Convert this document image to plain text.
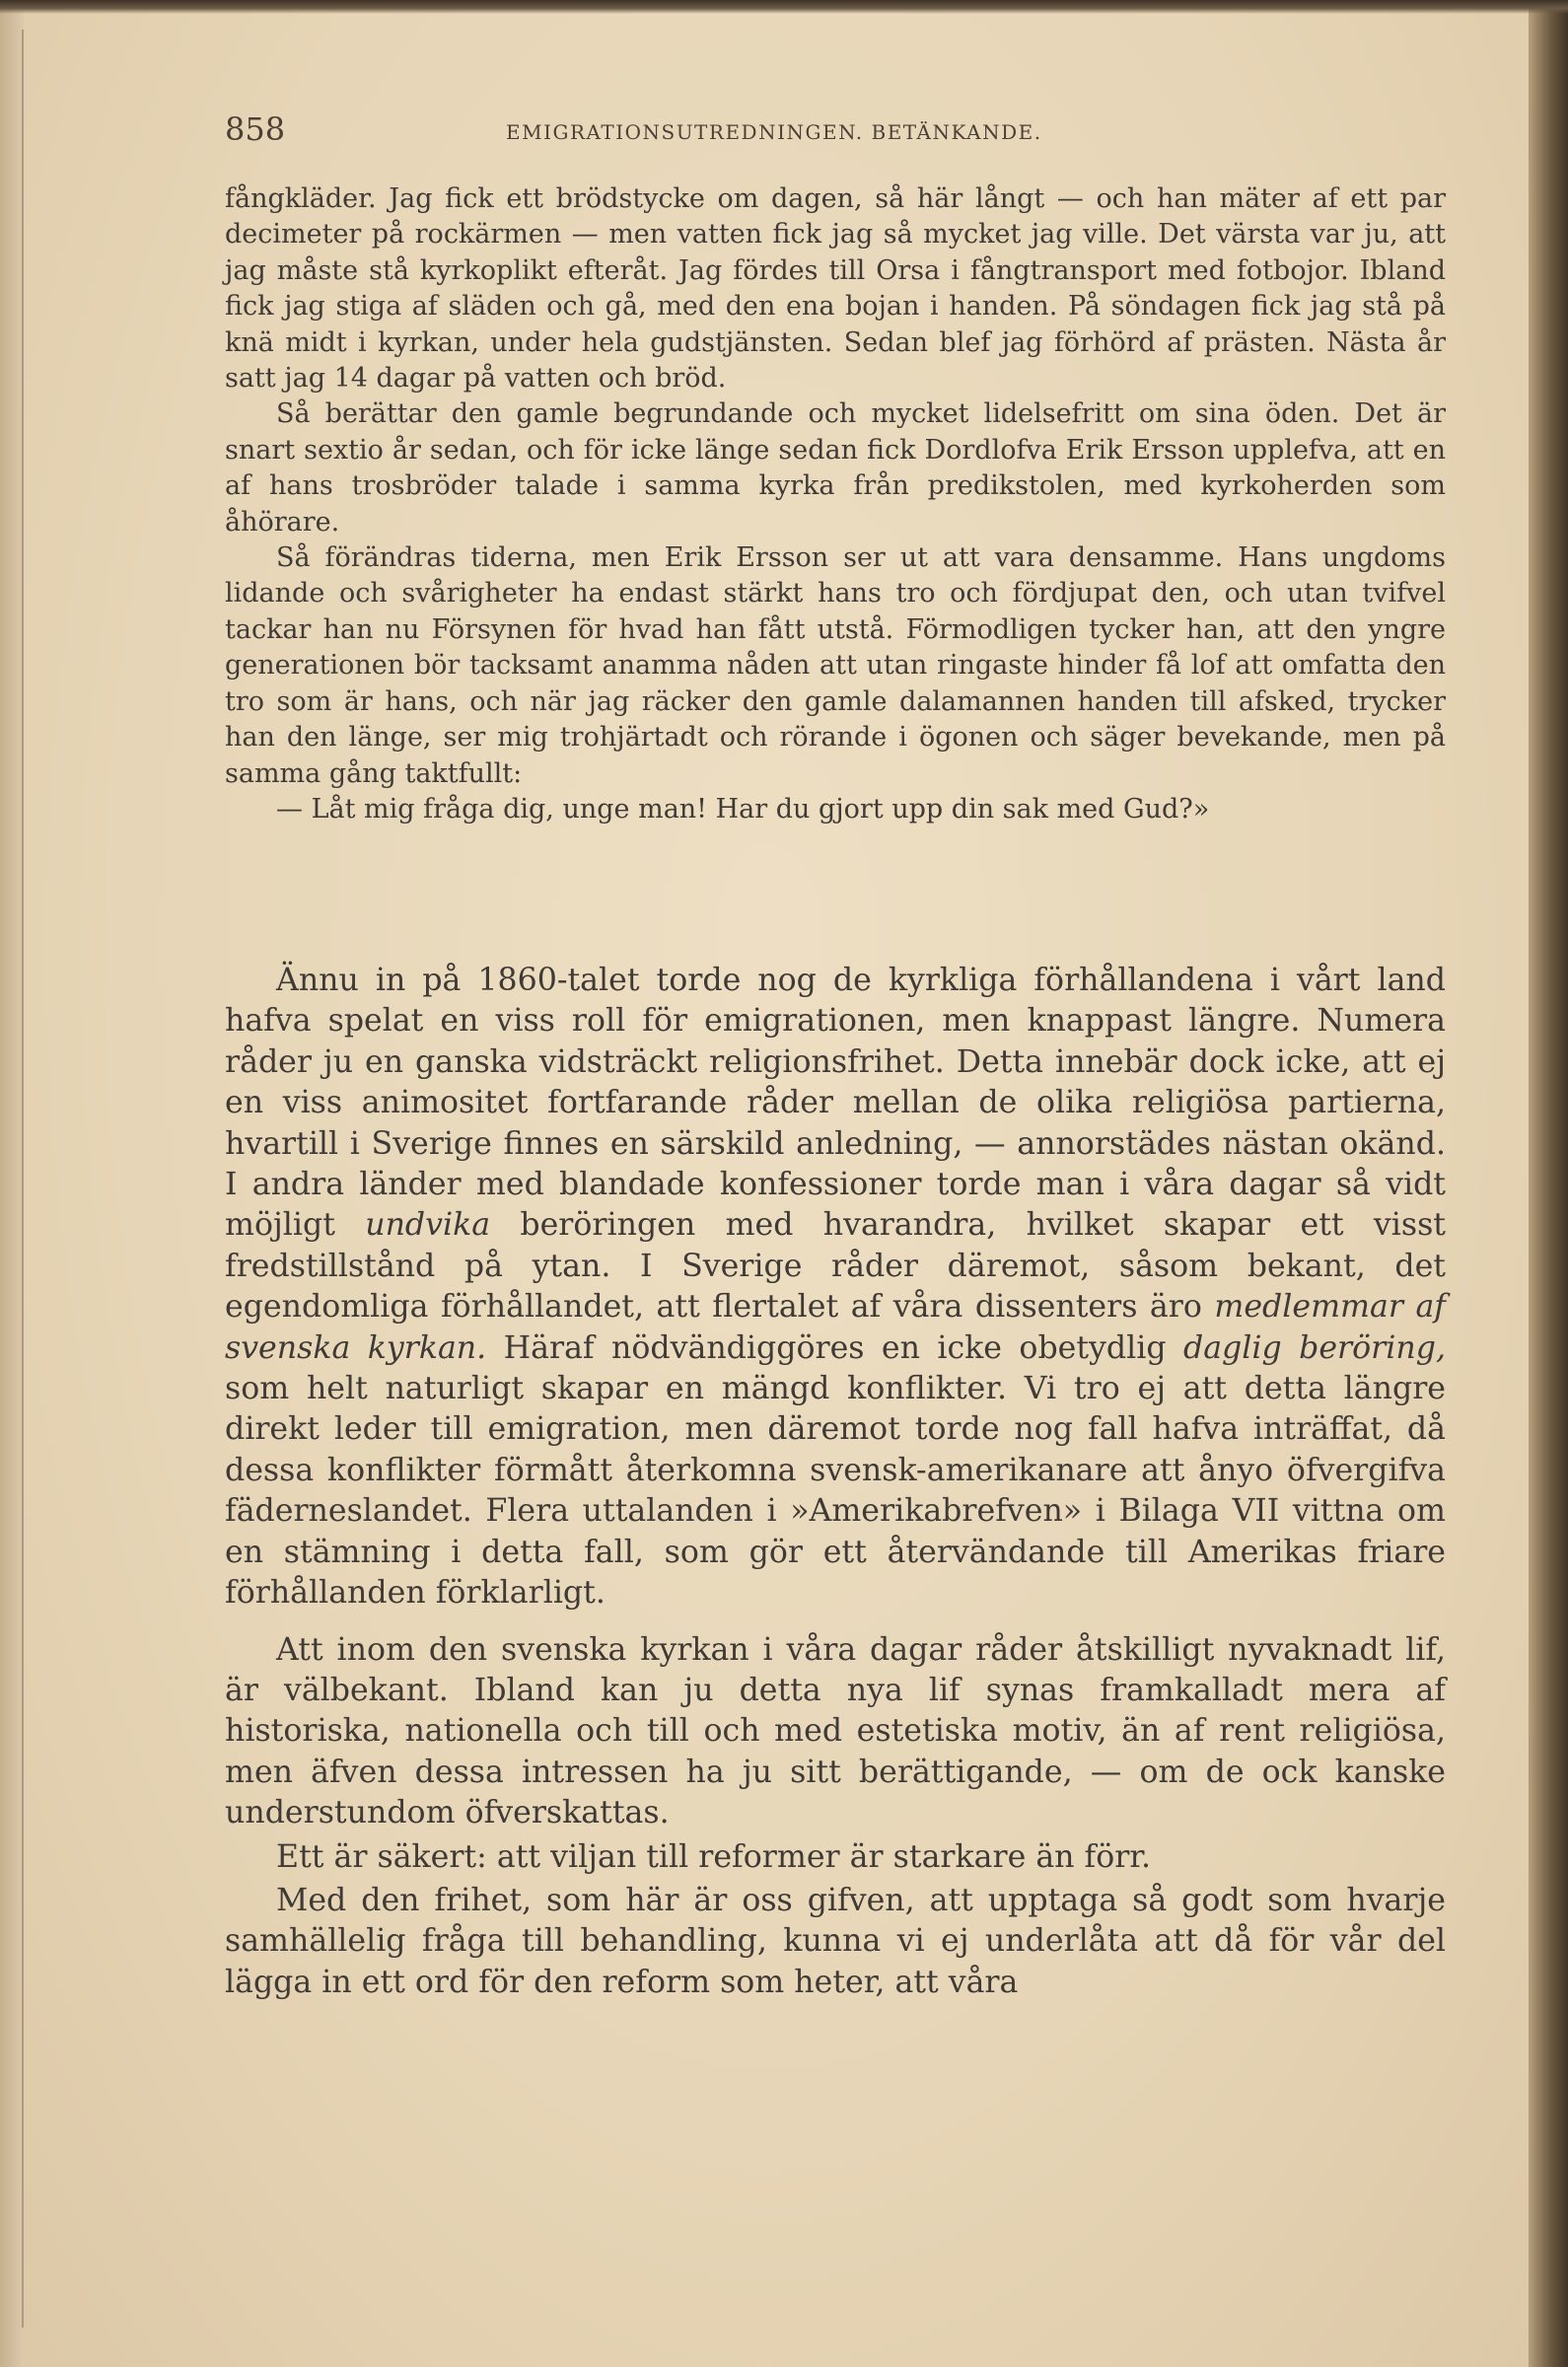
858	EMIGRATIONSUTREDNINGEN. BETÄNKANDE.

fångkläder. Jag fick ett brödstycke om dagen, så här långt — och han mäter af ett par decimeter på rockärmen — men vatten fick jag så mycket jag ville. Det värsta var ju, att jag måste stå kyrkoplikt efteråt. Jag fördes till Orsa i fångtransport med fotbojor. Ibland fick jag stiga af släden och gå, med den ena bojan i handen. På söndagen fick jag stå på knä midt i kyrkan, under hela gudstjänsten. Sedan blef jag förhörd af prästen. Nästa år satt jag 14 dagar på vatten och bröd.

Så berättar den gamle begrundande och mycket lidelsefritt om sina öden. Det är snart sextio år sedan, och för icke länge sedan fick Dordlofva Erik Ersson upplefva, att en af hans trosbröder talade i samma kyrka från predikstolen, med kyrkoherden som åhörare.

Så förändras tiderna, men Erik Ersson ser ut att vara densamme. Hans ungdoms lidande och svårigheter ha endast stärkt hans tro och fördjupat den, och utan tvifvel tackar han nu Försynen för hvad han fått utstå. Förmodligen tycker han, att den yngre generationen bör tacksamt anamma nåden att utan ringaste hinder få lof att omfatta den tro som är hans, och när jag räcker den gamle dalamannen handen till afsked, trycker han den länge, ser mig trohjärtadt och rörande i ögonen och säger bevekande, men på samma gång taktfullt:

— Låt mig fråga dig, unge man! Har du gjort upp din sak med Gud?»

Ännu in på 1860-talet torde nog de kyrkliga förhållandena i vårt land hafva spelat en viss roll för emigrationen, men knappast längre. Numera råder ju en ganska vidsträckt religionsfrihet. Detta innebär dock icke, att ej en viss animositet fortfarande råder mellan de olika religiösa partierna, hvartill i Sverige finnes en särskild anledning, — annorstädes nästan okänd. I andra länder med blandade konfessioner torde man i våra dagar så vidt möjligt undvika beröringen med hvarandra, hvilket skapar ett visst fredstillstånd på ytan. I Sverige råder däremot, såsom bekant, det egendomliga förhållandet, att flertalet af våra dissenters äro medlemmar af svenska kyrkan. Häraf nödvändiggöres en icke obetydlig daglig beröring, som helt naturligt skapar en mängd konflikter. Vi tro ej att detta längre direkt leder till emigration, men däremot torde nog fall hafva inträffat, då dessa konflikter förmått återkomna svensk-amerikanare att ånyo öfvergifva fäderneslandet. Flera uttalanden i »Amerikabrefven» i Bilaga VII vittna om en stämning i detta fall, som gör ett återvändande till Amerikas friare förhållanden förklarligt.

Att inom den svenska kyrkan i våra dagar råder åtskilligt nyvaknadt lif, är välbekant. Ibland kan ju detta nya lif synas framkalladt mera af historiska, nationella och till och med estetiska motiv, än af rent religiösa, men äfven dessa intressen ha ju sitt berättigande, — om de ock kanske understundom öfverskattas.

Ett är säkert: att viljan till reformer är starkare än förr.

Med den frihet, som här är oss gifven, att upptaga så godt som hvarje samhällelig fråga till behandling, kunna vi ej underlåta att då för vår del lägga in ett ord för den reform som heter, att våra
